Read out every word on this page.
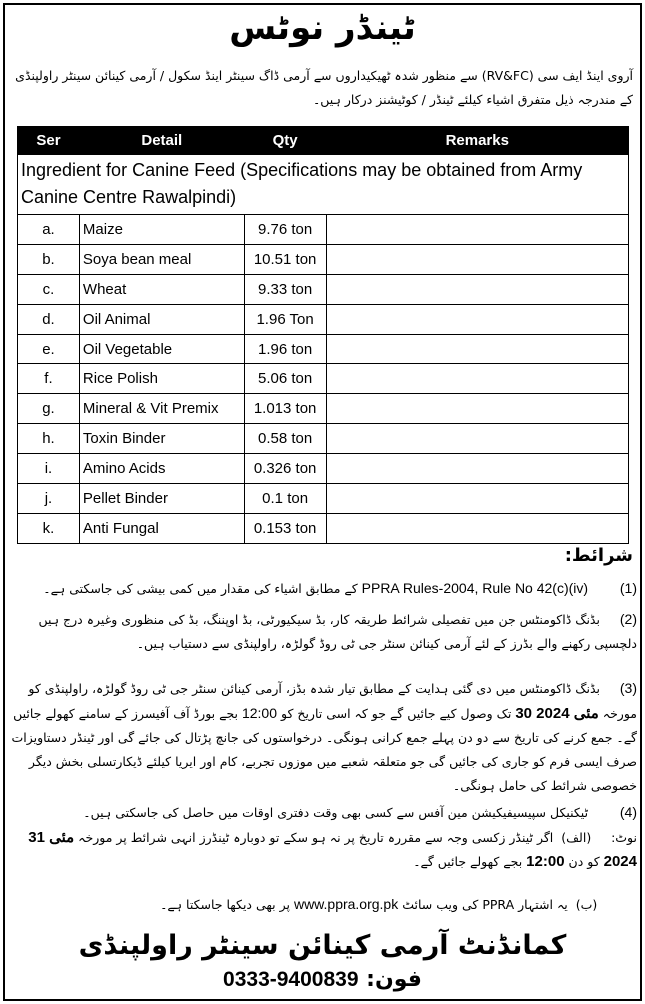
ٹینڈر نوٹس
آروی اینڈ ایف سی (RV&FC) سے منظور شدہ ٹھیکیداروں سے آرمی ڈاگ سینٹر اینڈ سکول / آرمی کینائن سینٹر راولپنڈی کے مندرجہ ذیل متفرق اشیاء کیلئے ٹینڈر / کوٹیشنز درکار ہیں۔
Ser	Detail	Qty	Remarks
Ingredient for Canine Feed (Specifications may be obtained from Army Canine Centre Rawalpindi)			
a.	Maize	9.76 ton	
b.	Soya bean meal	10.51 ton	
c.	Wheat	9.33 ton	
d.	Oil Animal	1.96 Ton	
e.	Oil Vegetable	1.96 ton	
f.	Rice Polish	5.06 ton	
g.	Mineral & Vit Premix	1.013 ton	
h.	Toxin Binder	0.58 ton	
i.	Amino Acids	0.326 ton	
j.	Pellet Binder	0.1 ton	
k.	Anti Fungal	0.153 ton	
شرائط:
(1)        PPRA Rules-2004, Rule No 42(c)(iv) کے مطابق اشیاء کی مقدار میں کمی بیشی کی جاسکتی ہے۔
(2)     بڈنگ ڈاکومنٹس جن میں تفصیلی شرائط طریقہ کار، بڈ سیکیورٹی، بڈ اوپننگ، بڈ کی منظوری وغیرہ درج ہیں دلچسپی رکھنے والے بڈرز کے لئے آرمی کینائن سنٹر جی ٹی روڈ گولڑہ، راولپنڈی سے دستیاب ہیں۔
(3)     بڈنگ ڈاکومنٹس میں دی گئی ہدایت کے مطابق تیار شدہ بڈز، آرمی کینائن سنٹر جی ٹی روڈ گولڑہ، راولپنڈی کو مورخہ 30 مئی 2024 تک وصول کیے جائیں گے جو کہ اسی تاریخ کو 12:00 بجے بورڈ آف آفیسرز کے سامنے کھولے جائیں گے۔ جمع کرنے کی تاریخ سے دو دن پہلے جمع کرانی ہونگی۔ درخواستوں کی جانچ پڑتال کی جائے گی اور ٹینڈر دستاویزات صرف ایسی فرم کو جاری کی جائیں گی جو متعلقہ شعبے میں موزوں تجربے، کام اور ایریا کیلئے ڈیکارتسلی بخش دیگر خصوصی شرائط کی حامل ہونگی۔
(4)        ٹیکنیکل سپیسیفیکیشن مین آفس سے کسی بھی وقت دفتری اوقات میں حاصل کی جاسکتی ہیں۔
نوٹ:     (الف)  اگر ٹینڈر زکسی وجہ سے مقررہ تاریخ پر نہ ہو سکے تو دوبارہ ٹینڈرز انہی شرائط پر مورخہ 31 مئی 2024 کو دن 12:00 بجے کھولے جائیں گے۔
(ب)  یہ اشتہار PPRA کی ویب سائٹ www.ppra.org.pk پر بھی دیکھا جاسکتا ہے۔
کمانڈنٹ آرمی کینائن سینٹر راولپنڈی
فون: 0333-9400839
